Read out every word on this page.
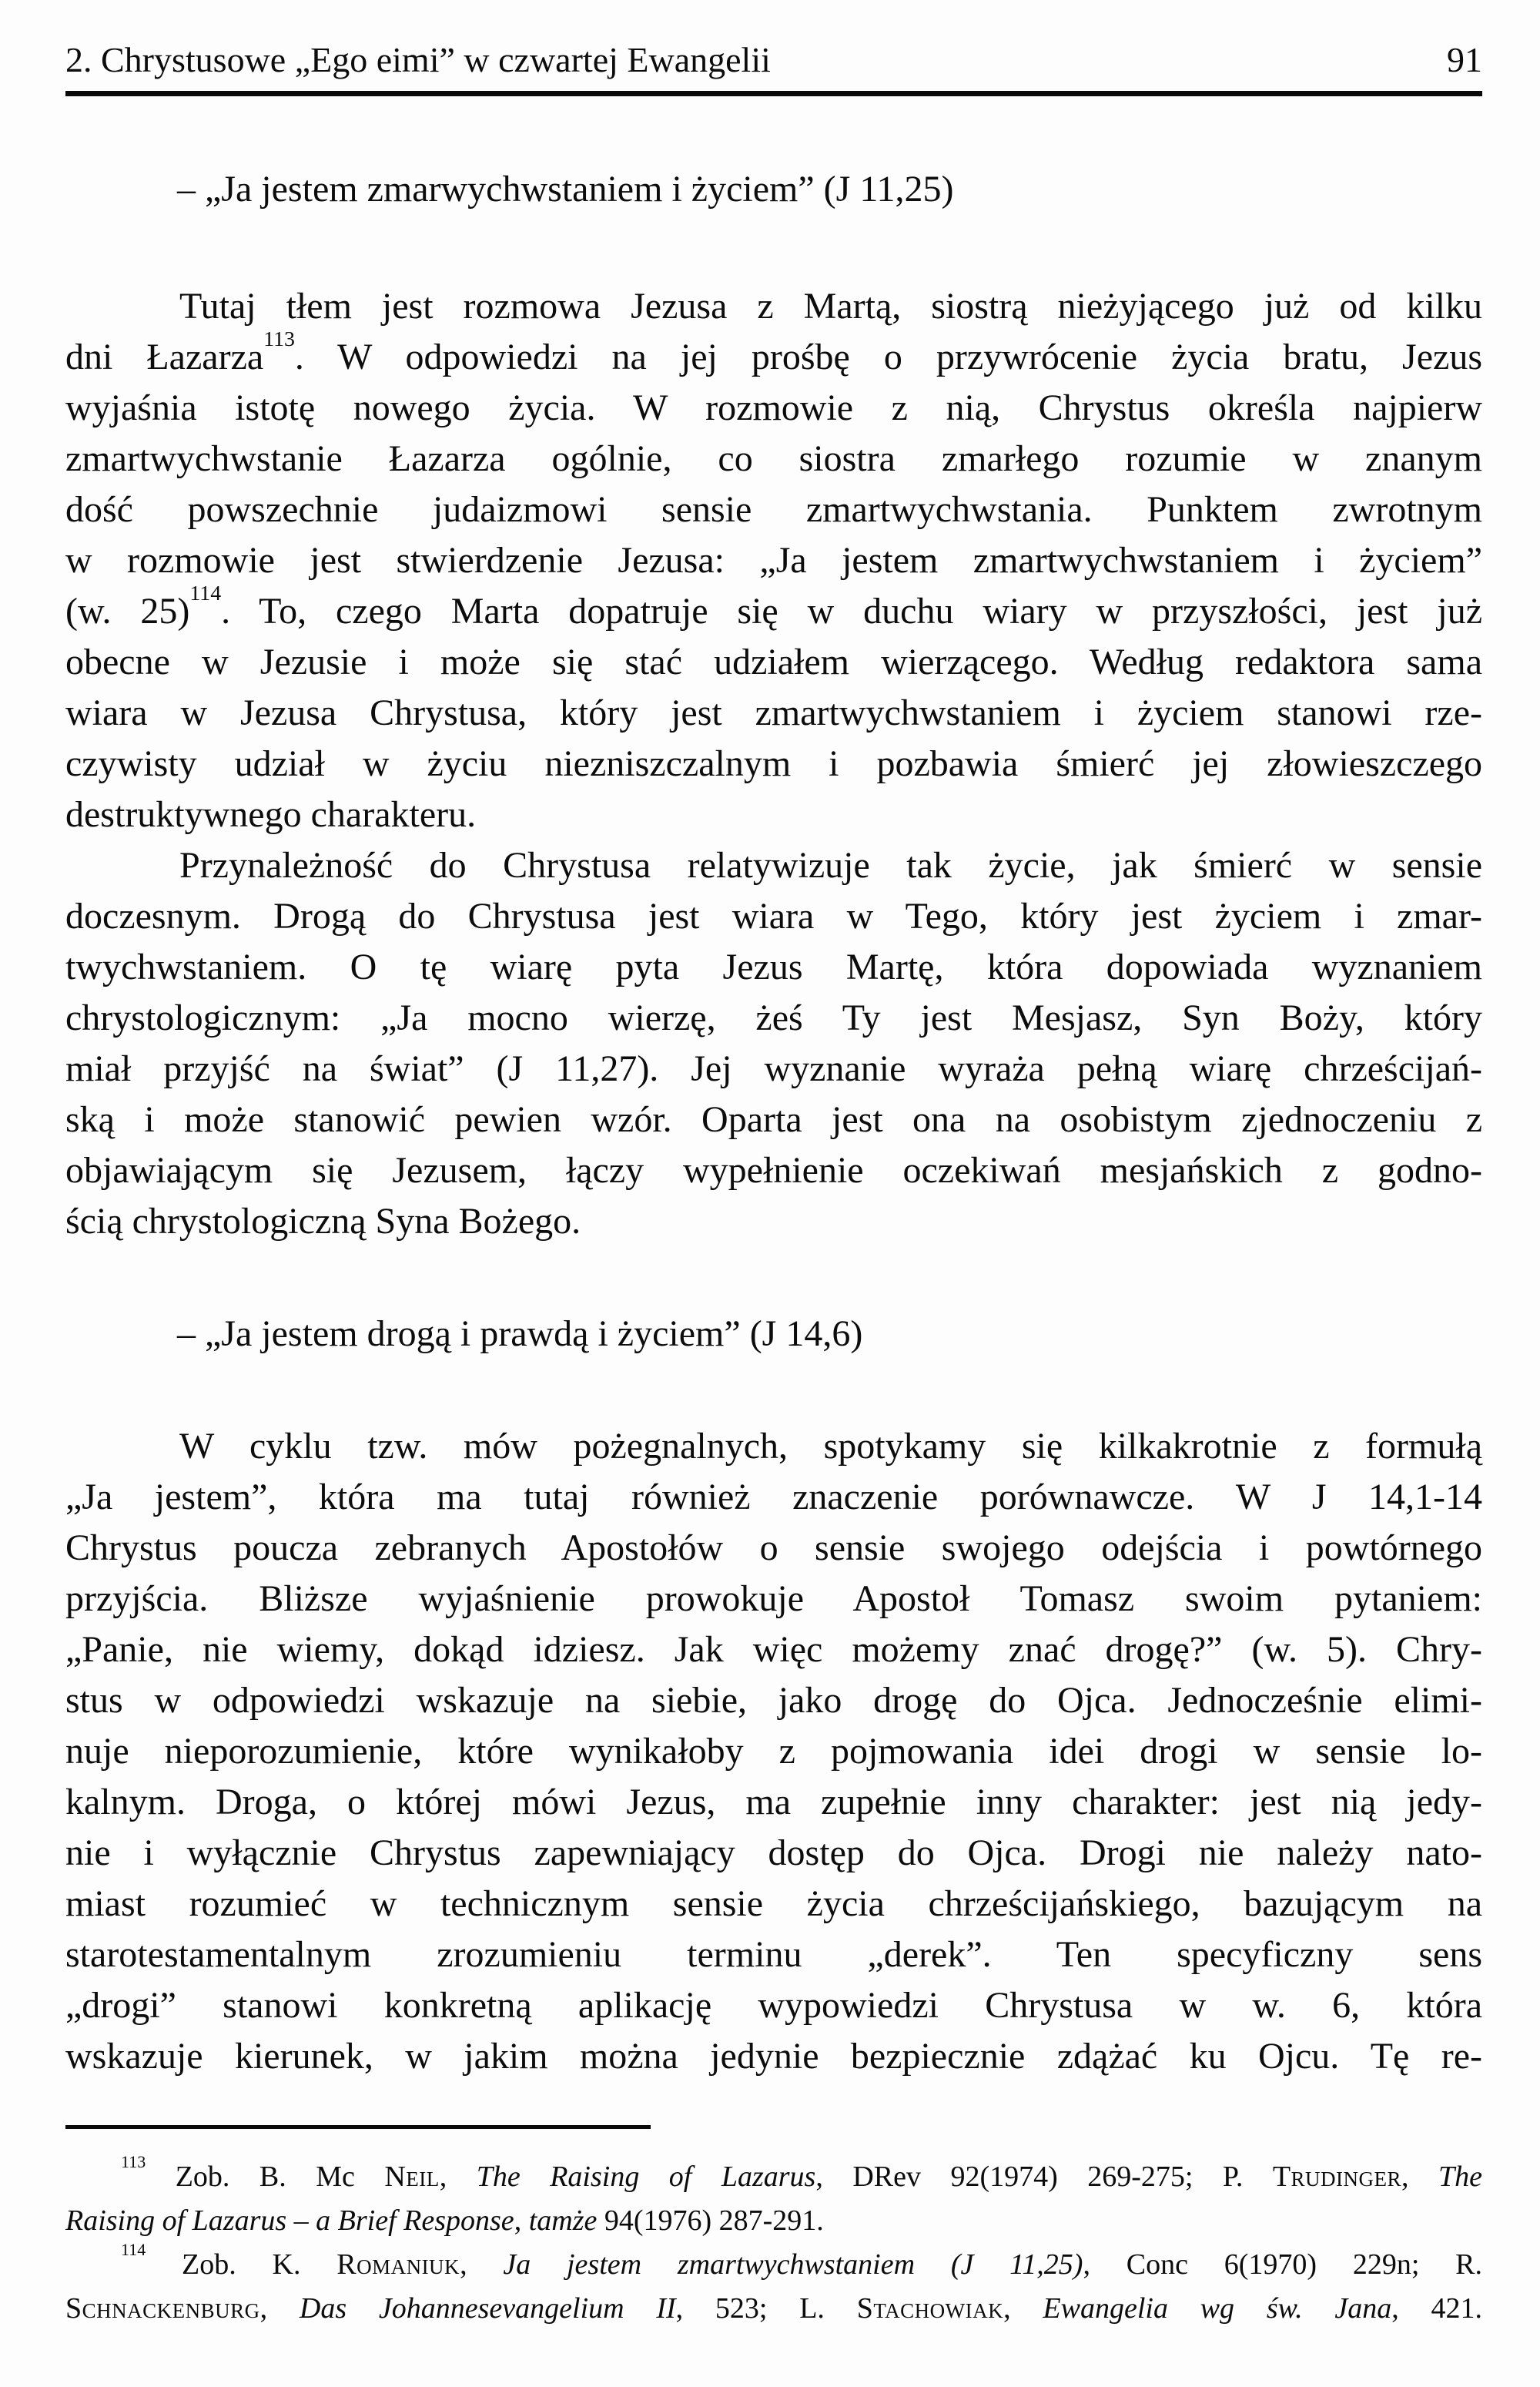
2. Chrystusowe „Ego eimi” w czwartej Ewangelii	91
– „Ja jestem zmarwychwstaniem i życiem” (J 11,25)
Tutaj tłem jest rozmowa Jezusa z Martą, siostrą nieżyjącego już od kilku
dni Łazarza$^{113}$. W odpowiedzi na jej prośbę o przywrócenie życia bratu, Jezus
wyjaśnia istotę nowego życia. W rozmowie z nią, Chrystus określa najpierw
zmartwychwstanie Łazarza ogólnie, co siostra zmarłego rozumie w znanym
dość powszechnie judaizmowi sensie zmartwychwstania. Punktem zwrotnym
w rozmowie jest stwierdzenie Jezusa: „Ja jestem zmartwychwstaniem i życiem”
(w. 25)$^{114}$. To, czego Marta dopatruje się w duchu wiary w przyszłości, jest już
obecne w Jezusie i może się stać udziałem wierzącego. Według redaktora sama
wiara w Jezusa Chrystusa, który jest zmartwychwstaniem i życiem stanowi rze-
czywisty udział w życiu niezniszczalnym i pozbawia śmierć jej złowieszczego
destruktywnego charakteru.
Przynależność do Chrystusa relatywizuje tak życie, jak śmierć w sensie
doczesnym. Drogą do Chrystusa jest wiara w Tego, który jest życiem i zmar-
twychwstaniem. O tę wiarę pyta Jezus Martę, która dopowiada wyznaniem
chrystologicznym: „Ja mocno wierzę, żeś Ty jest Mesjasz, Syn Boży, który
miał przyjść na świat” (J 11,27). Jej wyznanie wyraża pełną wiarę chrześcijań-
ską i może stanowić pewien wzór. Oparta jest ona na osobistym zjednoczeniu z
objawiającym się Jezusem, łączy wypełnienie oczekiwań mesjańskich z godno-
ścią chrystologiczną Syna Bożego.
– „Ja jestem drogą i prawdą i życiem” (J 14,6)
W cyklu tzw. mów pożegnalnych, spotykamy się kilkakrotnie z formułą
„Ja jestem”, która ma tutaj również znaczenie porównawcze. W J 14,1-14
Chrystus poucza zebranych Apostołów o sensie swojego odejścia i powtórnego
przyjścia. Bliższe wyjaśnienie prowokuje Apostoł Tomasz swoim pytaniem:
„Panie, nie wiemy, dokąd idziesz. Jak więc możemy znać drogę?” (w. 5). Chry-
stus w odpowiedzi wskazuje na siebie, jako drogę do Ojca. Jednocześnie elimi-
nuje nieporozumienie, które wynikałoby z pojmowania idei drogi w sensie lo-
kalnym. Droga, o której mówi Jezus, ma zupełnie inny charakter: jest nią jedy-
nie i wyłącznie Chrystus zapewniający dostęp do Ojca. Drogi nie należy nato-
miast rozumieć w technicznym sensie życia chrześcijańskiego, bazującym na
starotestamentalnym zrozumieniu terminu „derek”. Ten specyficzny sens
„drogi” stanowi konkretną aplikację wypowiedzi Chrystusa w w. 6, która
wskazuje kierunek, w jakim można jedynie bezpiecznie zdążać ku Ojcu. Tę re-
$^{113}$ Zob. B. Mc Neil, The Raising of Lazarus, DRev 92(1974) 269-275; P. Trudinger, The
Raising of Lazarus – a Brief Response, tamże 94(1976) 287-291.
$^{114}$ Zob. K. Romaniuk, Ja jestem zmartwychwstaniem (J 11,25), Conc 6(1970) 229n; R.
Schnackenburg, Das Johannesevangelium II, 523; L. Stachowiak, Ewangelia wg św. Jana, 421.
